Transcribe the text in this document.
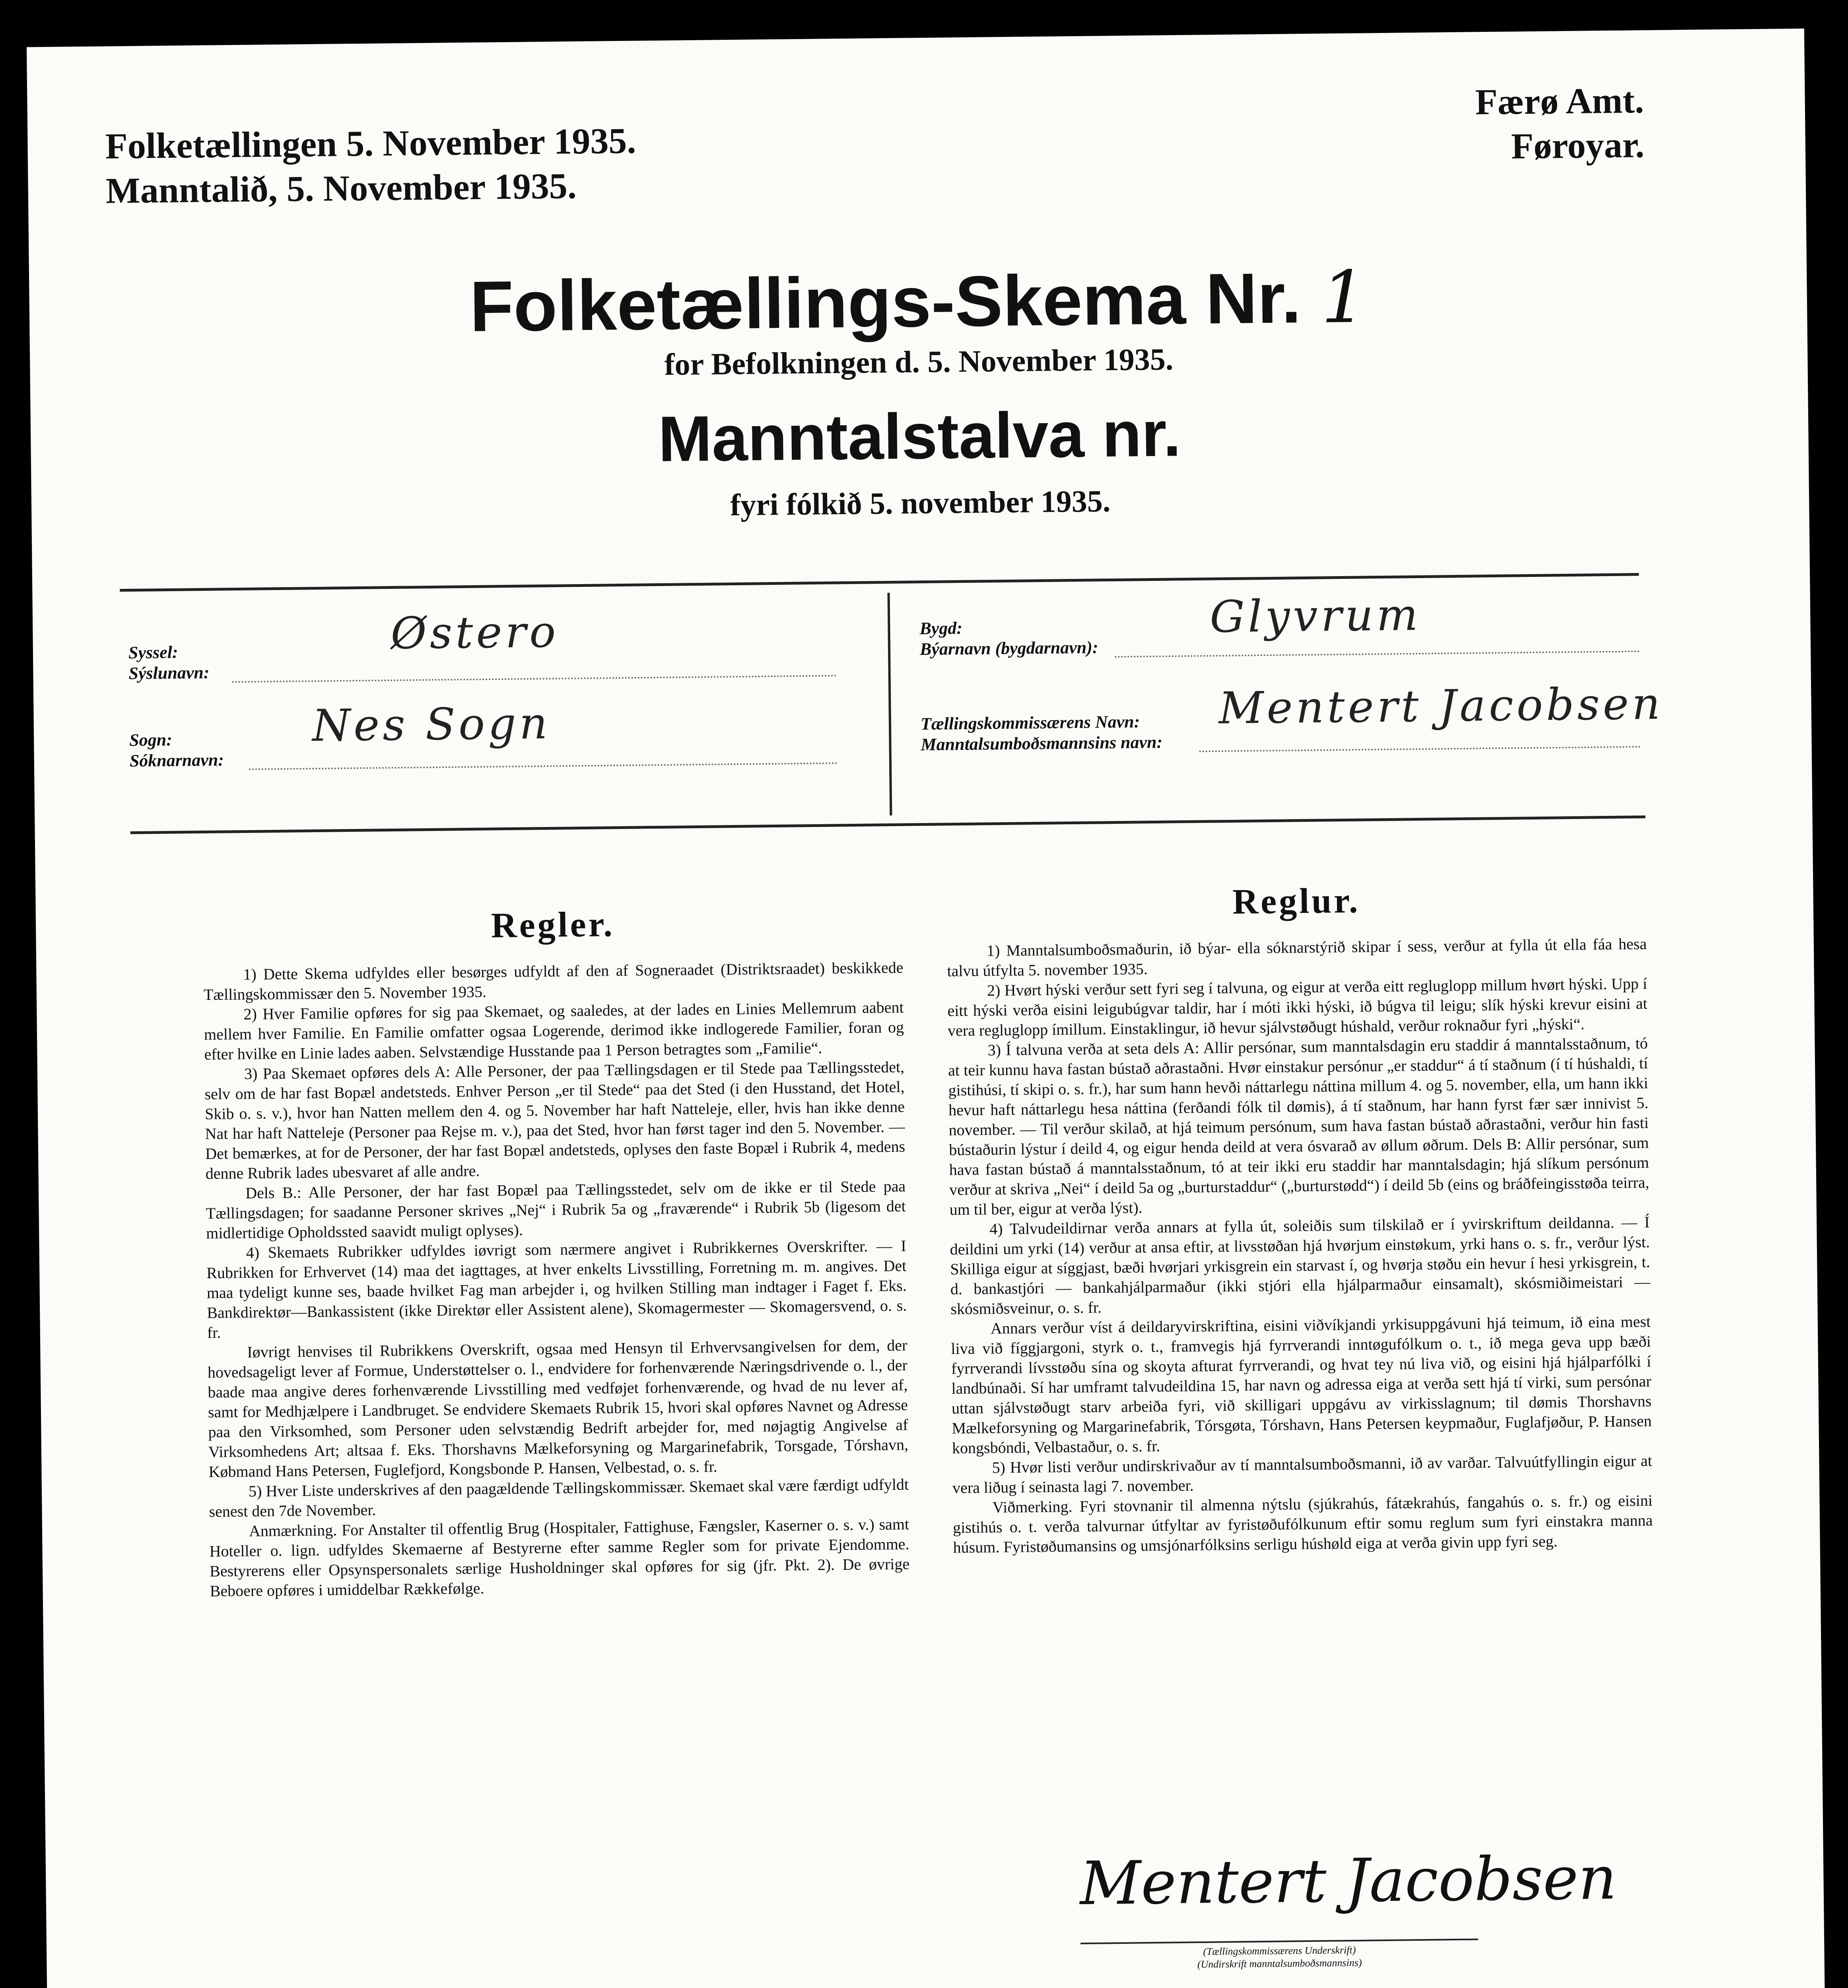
Folketællingen 5. November 1935.
Manntalið, 5. November 1935.
Færø Amt.
Føroyar.
Folketællings-Skema Nr. 1
for Befolkningen d. 5. November 1935.
Manntalstalva nr.
fyri fólkið 5. november 1935.
Syssel:
Sýslunavn:
Østero
Sogn:
Sóknarnavn:
Nes Sogn
Bygd:
Býarnavn (bygdarnavn):
Glyvrum
Tællingskommissærens Navn:
Manntalsumboðsmannsins navn:
Mentert Jacobsen
Regler.

1) Dette Skema udfyldes eller besørges udfyldt af den af Sogneraadet (Distriktsraadet) beskikkede Tællingskommissær den 5. November 1935.

2) Hver Familie opføres for sig paa Skemaet, og saaledes, at der lades en Linies Mellemrum aabent mellem hver Familie. En Familie omfatter ogsaa Logerende, derimod ikke indlogerede Familier, foran og efter hvilke en Linie lades aaben. Selvstændige Husstande paa 1 Person betragtes som „Familie“.

3) Paa Skemaet opføres dels A: Alle Personer, der paa Tællingsdagen er til Stede paa Tællingsstedet, selv om de har fast Bopæl andetsteds. Enhver Person „er til Stede“ paa det Sted (i den Husstand, det Hotel, Skib o. s. v.), hvor han Natten mellem den 4. og 5. November har haft Natteleje, eller, hvis han ikke denne Nat har haft Natteleje (Personer paa Rejse m. v.), paa det Sted, hvor han først tager ind den 5. November. — Det bemærkes, at for de Personer, der har fast Bopæl andetsteds, oplyses den faste Bopæl i Rubrik 4, medens denne Rubrik lades ubesvaret af alle andre.

Dels B.: Alle Personer, der har fast Bopæl paa Tællingsstedet, selv om de ikke er til Stede paa Tællingsdagen; for saadanne Personer skrives „Nej“ i Rubrik 5a og „fraværende“ i Rubrik 5b (ligesom det midlertidige Opholdssted saavidt muligt oplyses).

4) Skemaets Rubrikker udfyldes iøvrigt som nærmere angivet i Rubrikkernes Overskrifter. — I Rubrikken for Erhvervet (14) maa det iagttages, at hver enkelts Livsstilling, Forretning m. m. angives. Det maa tydeligt kunne ses, baade hvilket Fag man arbejder i, og hvilken Stilling man indtager i Faget f. Eks. Bankdirektør—Bankassistent (ikke Direktør eller Assistent alene), Skomagermester — Skomagersvend, o. s. fr.

Iøvrigt henvises til Rubrikkens Overskrift, ogsaa med Hensyn til Erhvervsangivelsen for dem, der hovedsageligt lever af Formue, Understøttelser o. l., endvidere for forhenværende Næringsdrivende o. l., der baade maa angive deres forhenværende Livsstilling med vedføjet forhenværende, og hvad de nu lever af, samt for Medhjælpere i Landbruget. Se endvidere Skemaets Rubrik 15, hvori skal opføres Navnet og Adresse paa den Virksomhed, som Personer uden selvstændig Bedrift arbejder for, med nøjagtig Angivelse af Virksomhedens Art; altsaa f. Eks. Thorshavns Mælkeforsyning og Margarinefabrik, Torsgade, Tórshavn, Købmand Hans Petersen, Fuglefjord, Kongsbonde P. Hansen, Velbestad, o. s. fr.

5) Hver Liste underskrives af den paagældende Tællingskommissær. Skemaet skal være færdigt udfyldt senest den 7de November.

Anmærkning. For Anstalter til offentlig Brug (Hospitaler, Fattighuse, Fængsler, Kaserner o. s. v.) samt Hoteller o. lign. udfyldes Skemaerne af Bestyrerne efter samme Regler som for private Ejendomme. Bestyrerens eller Opsynspersonalets særlige Husholdninger skal opføres for sig (jfr. Pkt. 2). De øvrige Beboere opføres i umiddelbar Rækkefølge.

Reglur.

1) Manntalsumboðsmaðurin, ið býar- ella sóknarstýrið skipar í sess, verður at fylla út ella fáa hesa talvu útfylta 5. november 1935.

2) Hvørt hýski verður sett fyri seg í talvuna, og eigur at verða eitt regluglopp millum hvørt hýski. Upp í eitt hýski verða eisini leigubúgvar taldir, har í móti ikki hýski, ið búgva til leigu; slík hýski krevur eisini at vera regluglopp ímillum. Einstaklingur, ið hevur sjálvstøðugt húshald, verður roknaður fyri „hýski“.

3) Í talvuna verða at seta dels A: Allir persónar, sum manntalsdagin eru staddir á manntalsstaðnum, tó at teir kunnu hava fastan bústað aðrastaðni. Hvør einstakur persónur „er staddur“ á tí staðnum (í tí húshaldi, tí gistihúsi, tí skipi o. s. fr.), har sum hann hevði náttarlegu náttina millum 4. og 5. november, ella, um hann ikki hevur haft náttarlegu hesa náttina (ferðandi fólk til dømis), á tí staðnum, har hann fyrst fær sær innivist 5. november. — Til verður skilað, at hjá teimum persónum, sum hava fastan bústað aðrastaðni, verður hin fasti bústaðurin lýstur í deild 4, og eigur henda deild at vera ósvarað av øllum øðrum. Dels B: Allir persónar, sum hava fastan bústað á manntalsstaðnum, tó at teir ikki eru staddir har manntalsdagin; hjá slíkum persónum verður at skriva „Nei“ í deild 5a og „burturstaddur“ („burturstødd“) í deild 5b (eins og bráðfeingisstøða teirra, um til ber, eigur at verða lýst).

4) Talvudeildirnar verða annars at fylla út, soleiðis sum tilskilað er í yvirskriftum deildanna. — Í deildini um yrki (14) verður at ansa eftir, at livsstøðan hjá hvørjum einstøkum, yrki hans o. s. fr., verður lýst. Skilliga eigur at síggjast, bæði hvørjari yrkisgrein ein starvast í, og hvørja støðu ein hevur í hesi yrkisgrein, t. d. bankastjóri — bankahjálparmaður (ikki stjóri ella hjálparmaður einsamalt), skósmiðimeistari — skósmiðsveinur, o. s. fr.

Annars verður víst á deildaryvirskriftina, eisini viðvíkjandi yrkisuppgávuni hjá teimum, ið eina mest liva við fíggjargoni, styrk o. t., framvegis hjá fyrrverandi inntøgufólkum o. t., ið mega geva upp bæði fyrrverandi lívsstøðu sína og skoyta afturat fyrrverandi, og hvat tey nú liva við, og eisini hjá hjálparfólki í landbúnaði. Sí har umframt talvudeildina 15, har navn og adressa eiga at verða sett hjá tí virki, sum persónar uttan sjálvstøðugt starv arbeiða fyri, við skilligari uppgávu av virkisslagnum; til dømis Thorshavns Mælkeforsyning og Margarinefabrik, Tórsgøta, Tórshavn, Hans Petersen keypmaður, Fuglafjøður, P. Hansen kongsbóndi, Velbastaður, o. s. fr.

5) Hvør listi verður undirskrivaður av tí manntalsumboðsmanni, ið av varðar. Talvuútfyllingin eigur at vera liðug í seinasta lagi 7. november.

Viðmerking. Fyri stovnanir til almenna nýtslu (sjúkrahús, fátækrahús, fangahús o. s. fr.) og eisini gistihús o. t. verða talvurnar útfyltar av fyristøðufólkunum eftir somu reglum sum fyri einstakra manna húsum. Fyristøðumansins og umsjónarfólksins serligu húshøld eiga at verða givin upp fyri seg.

Mentert Jacobsen
(Tællingskommissærens Underskrift)
(Undirskrift manntalsumboðsmannsins)
